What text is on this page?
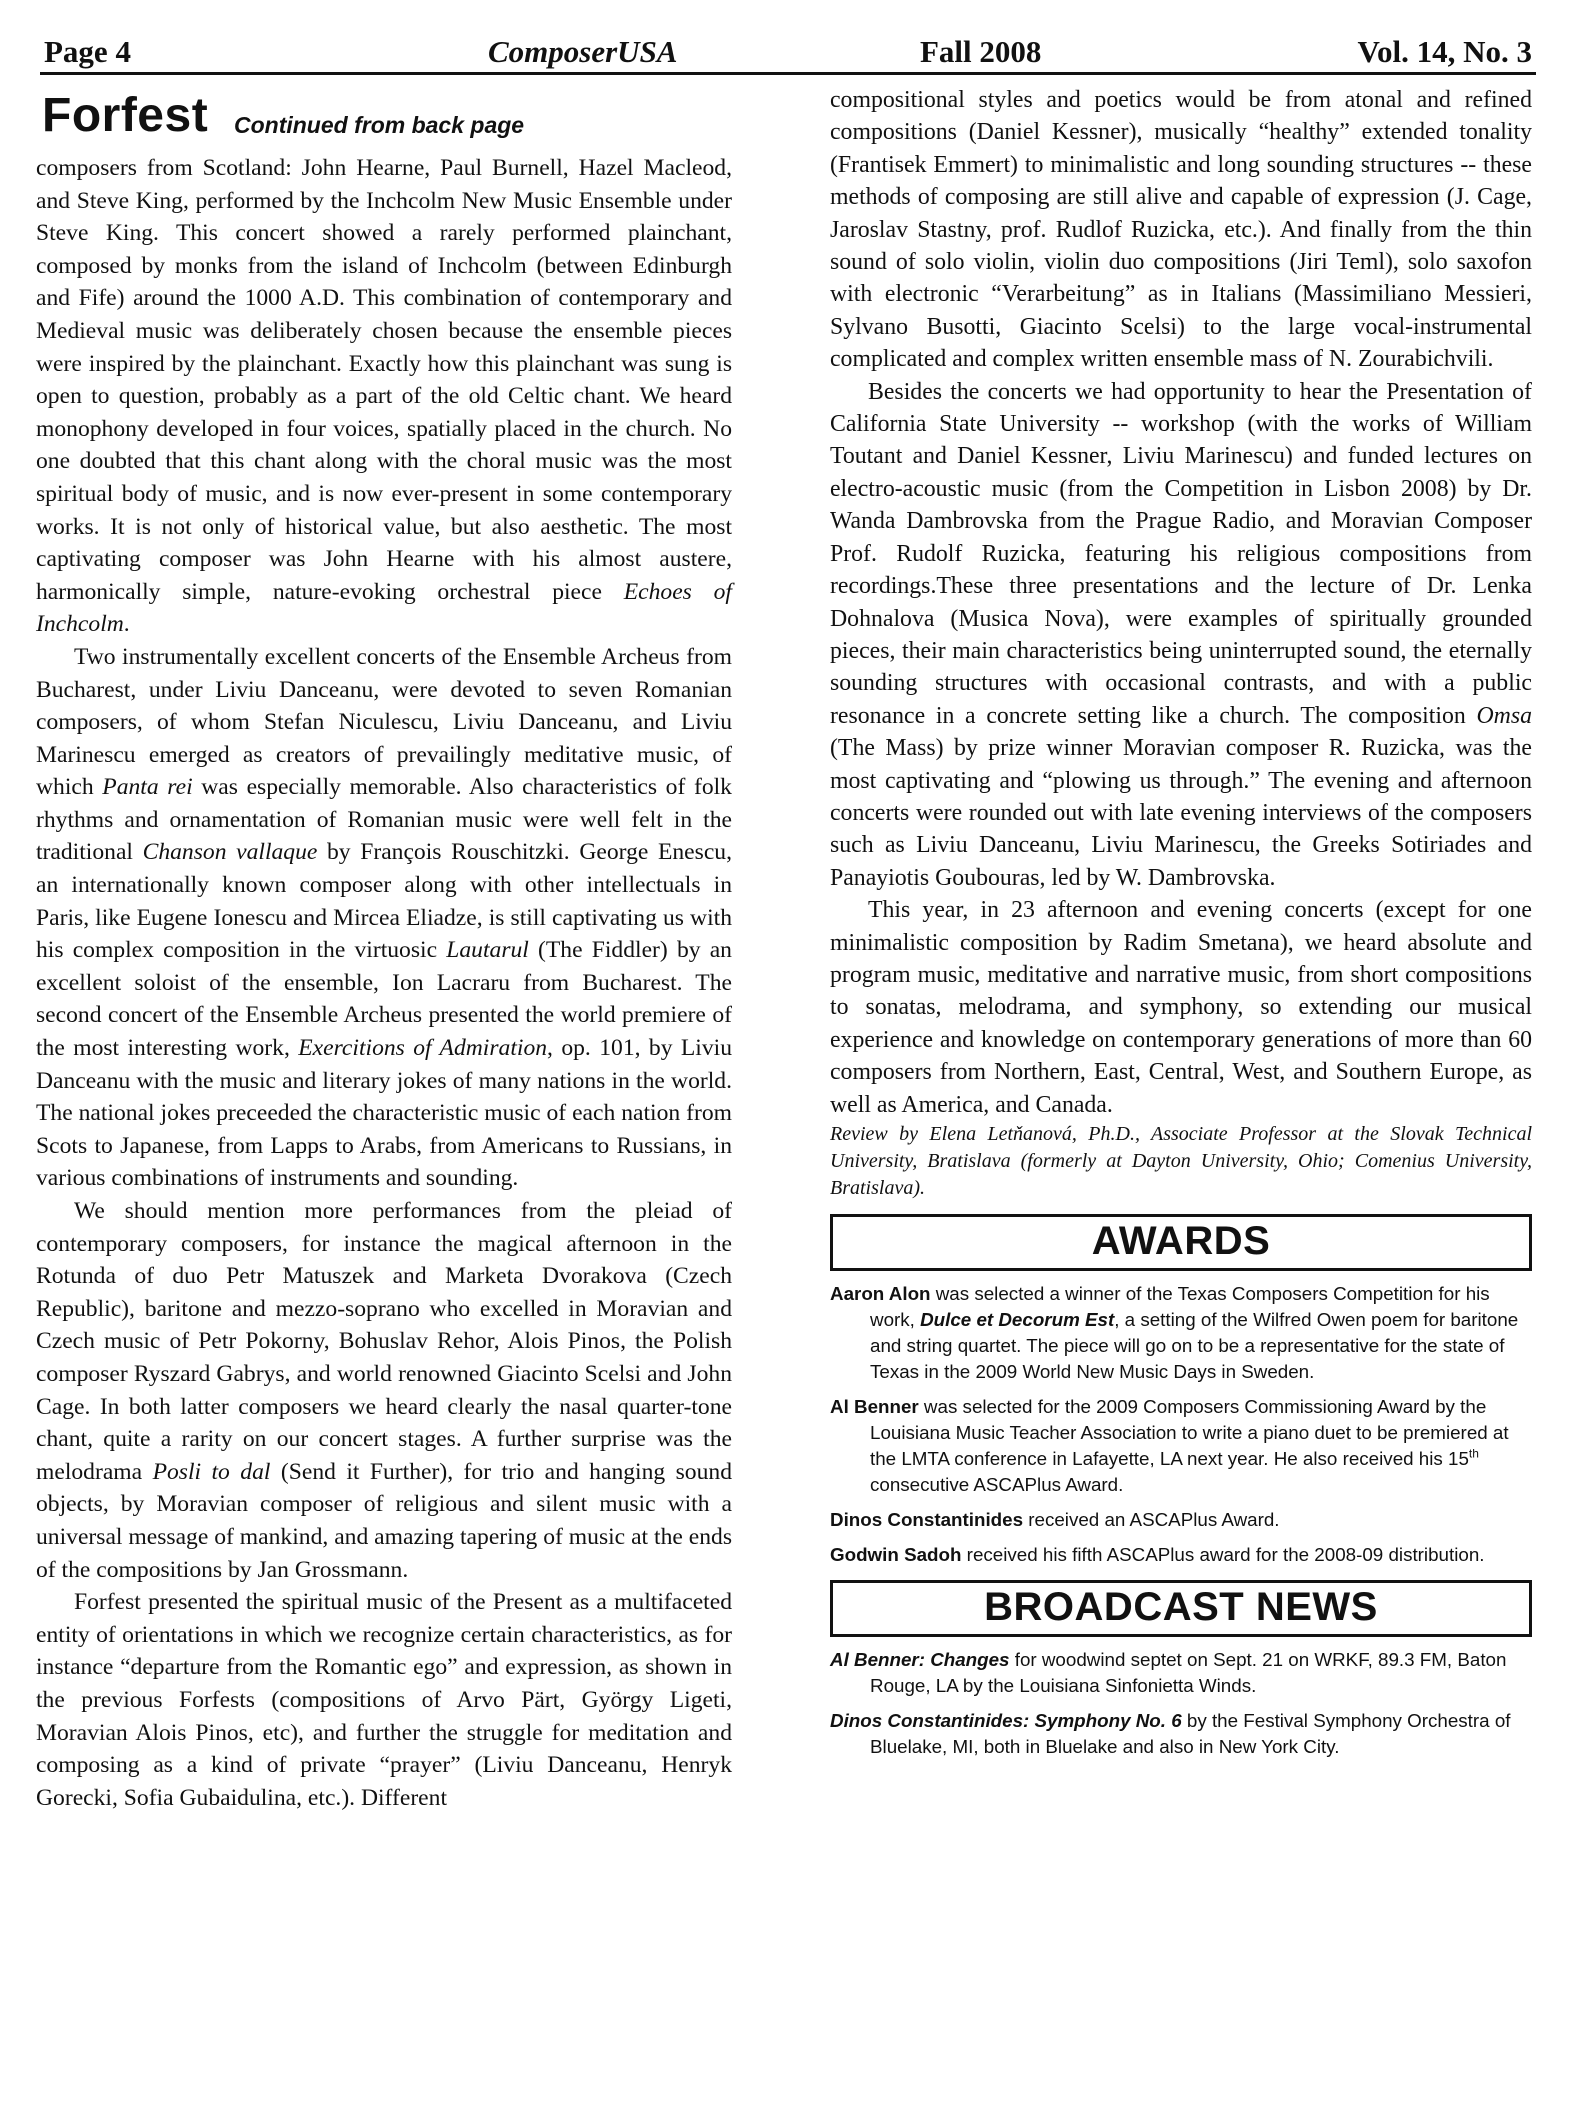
Page 4	ComposerUSA	Fall 2008	Vol. 14, No. 3
Forfest Continued from back page

composers from Scotland: John Hearne, Paul Burnell, Hazel Macleod, and Steve King, performed by the Inchcolm New Music Ensemble under Steve King. This concert showed a rarely performed plainchant, composed by monks from the island of Inchcolm (between Edinburgh and Fife) around the 1000 A.D. This combination of contemporary and Medieval music was deliberately chosen because the ensemble pieces were inspired by the plainchant. Exactly how this plainchant was sung is open to question, probably as a part of the old Celtic chant. We heard monophony developed in four voices, spatially placed in the church. No one doubted that this chant along with the choral music was the most spiritual body of music, and is now ever-present in some contemporary works. It is not only of historical value, but also aesthetic. The most captivating composer was John Hearne with his almost austere, harmonically simple, nature-evoking orchestral piece Echoes of Inchcolm.

Two instrumentally excellent concerts of the Ensemble Archeus from Bucharest, under Liviu Danceanu, were devoted to seven Romanian composers, of whom Stefan Niculescu, Liviu Danceanu, and Liviu Marinescu emerged as creators of prevailingly meditative music, of which Panta rei was especially memorable. Also characteristics of folk rhythms and ornamentation of Romanian music were well felt in the traditional Chanson vallaque by François Rouschitzki. George Enescu, an internationally known composer along with other intellectuals in Paris, like Eugene Ionescu and Mircea Eliadze, is still captivating us with his complex composition in the virtuosic Lautarul (The Fiddler) by an excellent soloist of the ensemble, Ion Lacraru from Bucharest. The second concert of the Ensemble Archeus presented the world premiere of the most interesting work, Exercitions of Admiration, op. 101, by Liviu Danceanu with the music and literary jokes of many nations in the world. The national jokes preceeded the characteristic music of each nation from Scots to Japanese, from Lapps to Arabs, from Americans to Russians, in various combinations of instruments and sounding.

We should mention more performances from the pleiad of contemporary composers, for instance the magical afternoon in the Rotunda of duo Petr Matuszek and Marketa Dvorakova (Czech Republic), baritone and mezzo-soprano who excelled in Moravian and Czech music of Petr Pokorny, Bohuslav Rehor, Alois Pinos, the Polish composer Ryszard Gabrys, and world renowned Giacinto Scelsi and John Cage. In both latter composers we heard clearly the nasal quarter-tone chant, quite a rarity on our concert stages. A further surprise was the melodrama Posli to dal (Send it Further), for trio and hanging sound objects, by Moravian composer of religious and silent music with a universal message of mankind, and amazing tapering of music at the ends of the compositions by Jan Grossmann.

Forfest presented the spiritual music of the Present as a multifaceted entity of orientations in which we recognize certain characteristics, as for instance “departure from the Romantic ego” and expression, as shown in the previous Forfests (compositions of Arvo Pärt, György Ligeti, Moravian Alois Pinos, etc), and further the struggle for meditation and composing as a kind of private “prayer” (Liviu Danceanu, Henryk Gorecki, Sofia Gubaidulina, etc.). Different

compositional styles and poetics would be from atonal and refined compositions (Daniel Kessner), musically “healthy” extended tonality (Frantisek Emmert) to minimalistic and long sounding structures -- these methods of composing are still alive and capable of expression (J. Cage, Jaroslav Stastny, prof. Rudlof Ruzicka, etc.). And finally from the thin sound of solo violin, violin duo compositions (Jiri Teml), solo saxofon with electronic “Verarbeitung” as in Italians (Massimiliano Messieri, Sylvano Busotti, Giacinto Scelsi) to the large vocal-instrumental complicated and complex written ensemble mass of N. Zourabichvili.

Besides the concerts we had opportunity to hear the Presentation of California State University -- workshop (with the works of William Toutant and Daniel Kessner, Liviu Marinescu) and funded lectures on electro-acoustic music (from the Competition in Lisbon 2008) by Dr. Wanda Dambrovska from the Prague Radio, and Moravian Composer Prof. Rudolf Ruzicka, featuring his religious compositions from recordings.These three presentations and the lecture of Dr. Lenka Dohnalova (Musica Nova), were examples of spiritually grounded pieces, their main characteristics being uninterrupted sound, the eternally sounding structures with occasional contrasts, and with a public resonance in a concrete setting like a church. The composition Omsa (The Mass) by prize winner Moravian composer R. Ruzicka, was the most captivating and “plowing us through.” The evening and afternoon concerts were rounded out with late evening interviews of the composers such as Liviu Danceanu, Liviu Marinescu, the Greeks Sotiriades and Panayiotis Goubouras, led by W. Dambrovska.

This year, in 23 afternoon and evening concerts (except for one minimalistic composition by Radim Smetana), we heard absolute and program music, meditative and narrative music, from short compositions to sonatas, melodrama, and symphony, so extending our musical experience and knowledge on contemporary generations of more than 60 composers from Northern, East, Central, West, and Southern Europe, as well as America, and Canada.

Review by Elena Letňanová, Ph.D., Associate Professor at the Slovak Technical University, Bratislava (formerly at Dayton University, Ohio; Comenius University, Bratislava).

AWARDS

Aaron Alon was selected a winner of the Texas Composers Competition for his work, Dulce et Decorum Est, a setting of the Wilfred Owen poem for baritone and string quartet. The piece will go on to be a representative for the state of Texas in the 2009 World New Music Days in Sweden.

Al Benner was selected for the 2009 Composers Commissioning Award by the Louisiana Music Teacher Association to write a piano duet to be premiered at the LMTA conference in Lafayette, LA next year. He also received his 15th consecutive ASCAPlus Award.

Dinos Constantinides received an ASCAPlus Award.

Godwin Sadoh received his fifth ASCAPlus award for the 2008-09 distribution.

BROADCAST NEWS

Al Benner: Changes for woodwind septet on Sept. 21 on WRKF, 89.3 FM, Baton Rouge, LA by the Louisiana Sinfonietta Winds.

Dinos Constantinides: Symphony No. 6 by the Festival Symphony Orchestra of Bluelake, MI, both in Bluelake and also in New York City.
